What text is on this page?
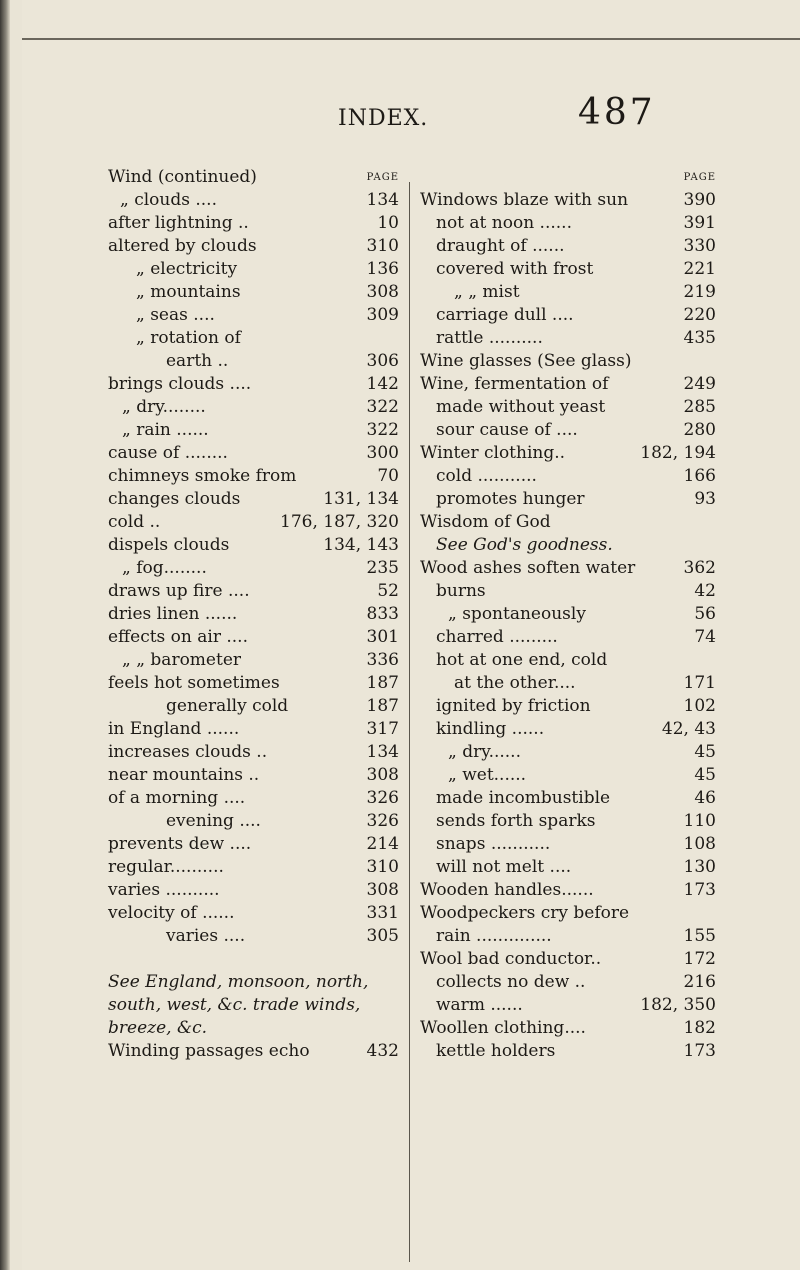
INDEX.	487
Wind (continued)	PAGE
„ clouds ....	134
after lightning ..	10
altered by clouds	310
„ electricity	136
„ mountains	308
„ seas ....	309
„ rotation of
earth ..	306
brings clouds ....	142
„ dry........	322
„ rain ......	322
cause of ........	300
chimneys smoke from	70
changes clouds	131, 134
cold ..	176, 187, 320
dispels clouds	134, 143
„ fog........	235
draws up fire ....	52
dries linen ......	833
effects on air ....	301
„ „ barometer	336
feels hot sometimes	187
generally cold	187
in England ......	317
increases clouds ..	134
near mountains ..	308
of a morning ....	326
evening ....	326
prevents dew ....	214
regular..........	310
varies ..........	308
velocity of ......	331
varies ....	305
See England, monsoon, north,
south, west, &c. trade winds,
breeze, &c.
Winding passages echo	432
PAGE
Windows blaze with sun	390
not at noon ......	391
draught of ......	330
covered with frost	221
„ „ mist	219
carriage dull ....	220
rattle ..........	435
Wine glasses (See glass)
Wine, fermentation of	249
made without yeast	285
sour cause of ....	280
Winter clothing..	182, 194
cold ...........	166
promotes hunger	93
Wisdom of God
See God's goodness.
Wood ashes soften water	362
burns	42
„ spontaneously	56
charred .........	74
hot at one end, cold
at the other....	171
ignited by friction	102
kindling ......	42, 43
„ dry......	45
„ wet......	45
made incombustible	46
sends forth sparks	110
snaps ...........	108
will not melt ....	130
Wooden handles......	173
Woodpeckers cry before
rain ..............	155
Wool bad conductor..	172
collects no dew ..	216
warm ......	182, 350
Woollen clothing....	182
kettle holders	173
